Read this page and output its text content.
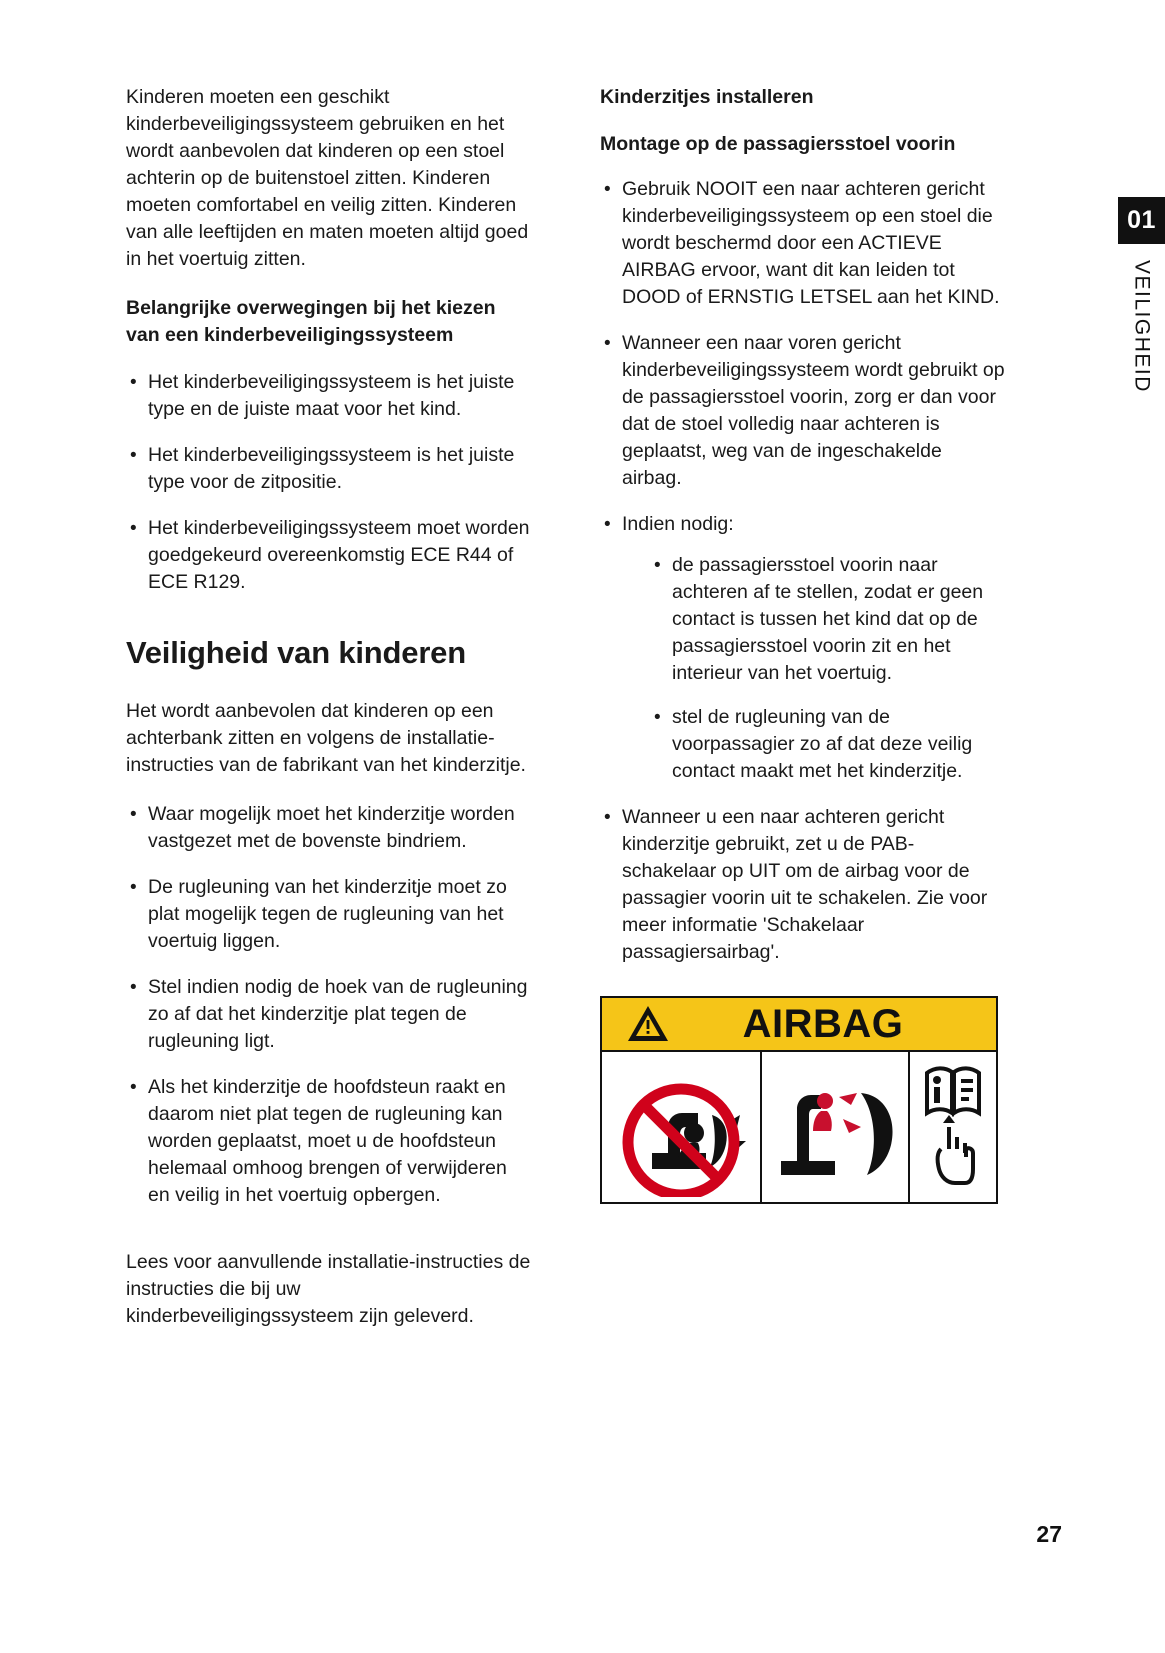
01
VEILIGHEID

Kinderen moeten een geschikt kinderbeveiligingssysteem gebruiken en het wordt aanbevolen dat kinderen op een stoel achterin op de buitenstoel zitten. Kinderen moeten comfortabel en veilig zitten. Kinderen van alle leeftijden en maten moeten altijd goed in het voertuig zitten.

Belangrijke overwegingen bij het kiezen van een kinderbeveiligingssysteem

• Het kinderbeveiligingssysteem is het juiste type en de juiste maat voor het kind.
• Het kinderbeveiligingssysteem is het juiste type voor de zitpositie.
• Het kinderbeveiligingssysteem moet worden goedgekeurd overeenkomstig ECE R44 of ECE R129.
Veiligheid van kinderen

Het wordt aanbevolen dat kinderen op een achterbank zitten en volgens de installatie-instructies van de fabrikant van het kinderzitje.

• Waar mogelijk moet het kinderzitje worden vastgezet met de bovenste bindriem.
• De rugleuning van het kinderzitje moet zo plat mogelijk tegen de rugleuning van het voertuig liggen.
• Stel indien nodig de hoek van de rugleuning zo af dat het kinderzitje plat tegen de rugleuning ligt.
• Als het kinderzitje de hoofdsteun raakt en daarom niet plat tegen de rugleuning kan worden geplaatst, moet u de hoofdsteun helemaal omhoog brengen of verwijderen en veilig in het voertuig opbergen.

Lees voor aanvullende installatie-instructies de instructies die bij uw kinderbeveiligingssysteem zijn geleverd.

Kinderzitjes installeren

Montage op de passagiersstoel voorin

• Gebruik NOOIT een naar achteren gericht kinderbeveiligingssysteem op een stoel die wordt beschermd door een ACTIEVE AIRBAG ervoor, want dit kan leiden tot DOOD of ERNSTIG LETSEL aan het KIND.
• Wanneer een naar voren gericht kinderbeveiligingssysteem wordt gebruikt op de passagiersstoel voorin, zorg er dan voor dat de stoel volledig naar achteren is geplaatst, weg van de ingeschakelde airbag.
• Indien nodig:
• de passagiersstoel voorin naar achteren af te stellen, zodat er geen contact is tussen het kind dat op de passagiersstoel voorin zit en het interieur van het voertuig.
• stel de rugleuning van de voorpassagier zo af dat deze veilig contact maakt met het kinderzitje.
• Wanneer u een naar achteren gericht kinderzitje gebruikt, zet u de PAB-schakelaar op UIT om de airbag voor de passagier voorin uit te schakelen. Zie voor meer informatie 'Schakelaar passagiersairbag'.
AIRBAG
27
